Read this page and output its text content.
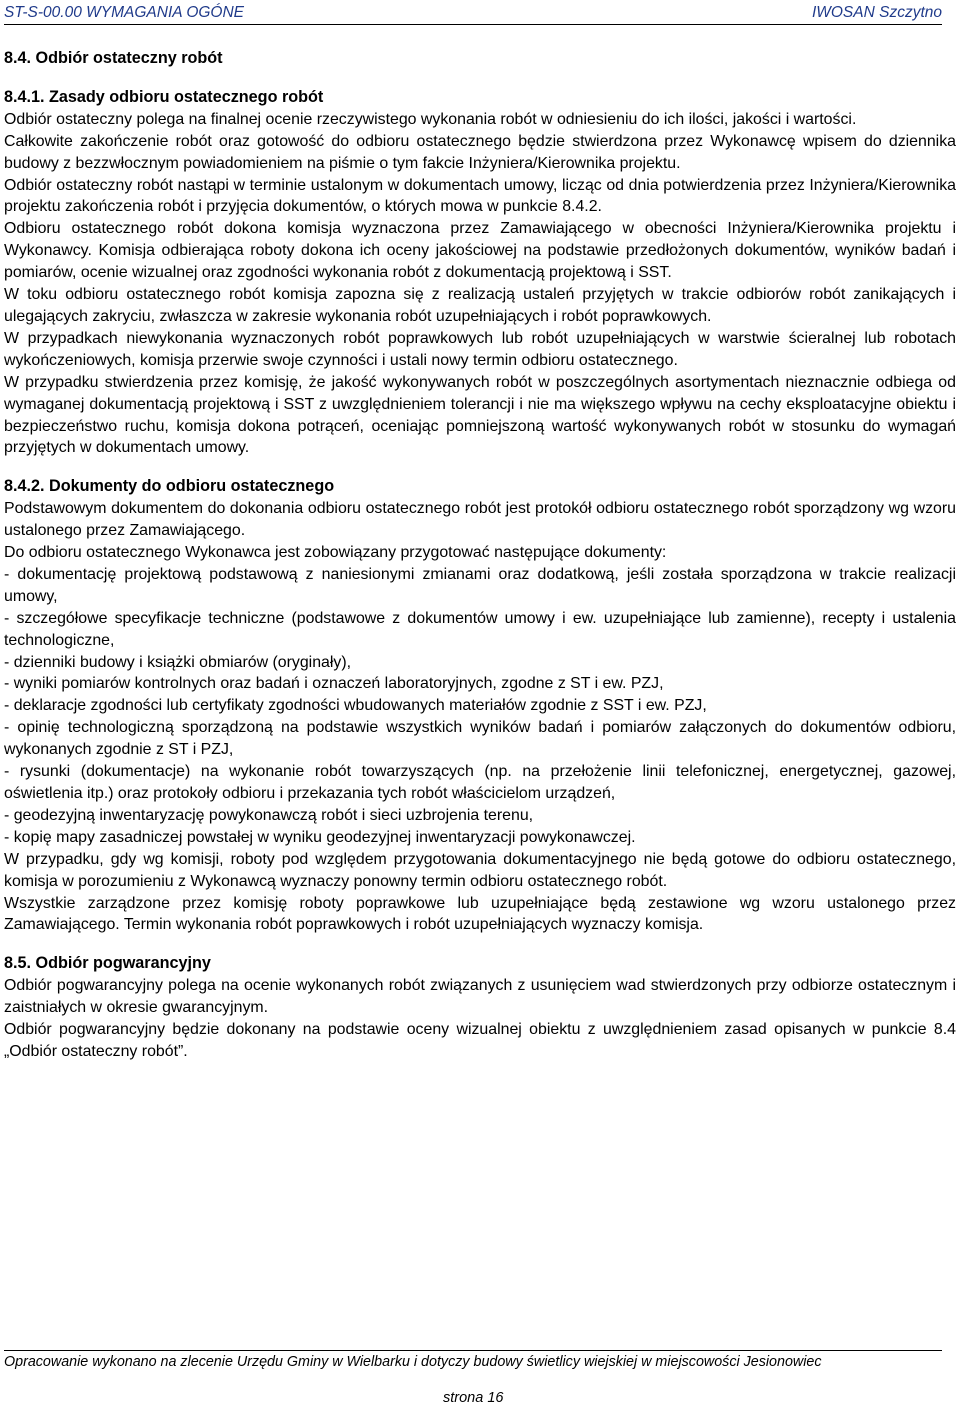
ST-S-00.00 WYMAGANIA OGÓNE	IWOSAN Szczytno
8.4. Odbiór ostateczny robót
8.4.1. Zasady odbioru ostatecznego robót

Odbiór ostateczny polega na finalnej ocenie rzeczywistego wykonania robót w odniesieniu do ich ilości, jakości i wartości.

Całkowite zakończenie robót oraz gotowość do odbioru ostatecznego będzie stwierdzona przez Wykonawcę wpisem do dziennika budowy z bezzwłocznym powiadomieniem na piśmie o tym fakcie Inżyniera/Kierownika projektu.

Odbiór ostateczny robót nastąpi w terminie ustalonym w dokumentach umowy, licząc od dnia potwierdzenia przez Inżyniera/Kierownika projektu zakończenia robót i przyjęcia dokumentów, o których mowa w punkcie 8.4.2.

Odbioru ostatecznego robót dokona komisja wyznaczona przez Zamawiającego w obecności Inżyniera/Kierownika projektu i Wykonawcy. Komisja odbierająca roboty dokona ich oceny jakościowej na podstawie przedłożonych dokumentów, wyników badań i pomiarów, ocenie wizualnej oraz zgodności wykonania robót z dokumentacją projektową i SST.

W toku odbioru ostatecznego robót komisja zapozna się z realizacją ustaleń przyjętych w trakcie odbiorów robót zanikających i ulegających zakryciu, zwłaszcza w zakresie wykonania robót uzupełniających i robót poprawkowych.

W przypadkach niewykonania wyznaczonych robót poprawkowych lub robót uzupełniających w warstwie ścieralnej lub robotach wykończeniowych, komisja przerwie swoje czynności i ustali nowy termin odbioru ostatecznego.

W przypadku stwierdzenia przez komisję, że jakość wykonywanych robót w poszczególnych asortymentach nieznacznie odbiega od wymaganej dokumentacją projektową i SST z uwzględnieniem tolerancji i nie ma większego wpływu na cechy eksploatacyjne obiektu i bezpieczeństwo ruchu, komisja dokona potrąceń, oceniając pomniejszoną wartość wykonywanych robót w stosunku do wymagań przyjętych w dokumentach umowy.

8.4.2. Dokumenty do odbioru ostatecznego

Podstawowym dokumentem do dokonania odbioru ostatecznego robót jest protokół odbioru ostatecznego robót sporządzony wg wzoru ustalonego przez Zamawiającego.

Do odbioru ostatecznego Wykonawca jest zobowiązany przygotować następujące dokumenty:

- dokumentację projektową podstawową z naniesionymi zmianami oraz dodatkową, jeśli została sporządzona w trakcie realizacji umowy,

- szczegółowe specyfikacje techniczne (podstawowe z dokumentów umowy i ew. uzupełniające lub zamienne), recepty i ustalenia technologiczne,

- dzienniki budowy i książki obmiarów (oryginały),

- wyniki pomiarów kontrolnych oraz badań i oznaczeń laboratoryjnych, zgodne z ST i ew. PZJ,

- deklaracje zgodności lub certyfikaty zgodności wbudowanych materiałów zgodnie z SST i ew. PZJ,

- opinię technologiczną sporządzoną na podstawie wszystkich wyników badań i pomiarów załączonych do dokumentów odbioru, wykonanych zgodnie z ST i PZJ,

- rysunki (dokumentacje) na wykonanie robót towarzyszących (np. na przełożenie linii telefonicznej, energetycznej, gazowej, oświetlenia itp.) oraz protokoły odbioru i przekazania tych robót właścicielom urządzeń,

- geodezyjną inwentaryzację powykonawczą robót i sieci uzbrojenia terenu,

- kopię mapy zasadniczej powstałej w wyniku geodezyjnej inwentaryzacji powykonawczej.

W przypadku, gdy wg komisji, roboty pod względem przygotowania dokumentacyjnego nie będą gotowe do odbioru ostatecznego, komisja w porozumieniu z Wykonawcą wyznaczy ponowny termin odbioru ostatecznego robót.

Wszystkie zarządzone przez komisję roboty poprawkowe lub uzupełniające będą zestawione wg wzoru ustalonego przez Zamawiającego. Termin wykonania robót poprawkowych i robót uzupełniających wyznaczy komisja.

8.5. Odbiór pogwarancyjny

Odbiór pogwarancyjny polega na ocenie wykonanych robót związanych z usunięciem wad stwierdzonych przy odbiorze ostatecznym i zaistniałych w okresie gwarancyjnym.

Odbiór pogwarancyjny będzie dokonany na podstawie oceny wizualnej obiektu z uwzględnieniem zasad opisanych w punkcie 8.4 „Odbiór ostateczny robót”.

Opracowanie wykonano na zlecenie Urzędu Gminy w Wielbarku i dotyczy budowy świetlicy wiejskiej w miejscowości Jesionowiec
strona 16
